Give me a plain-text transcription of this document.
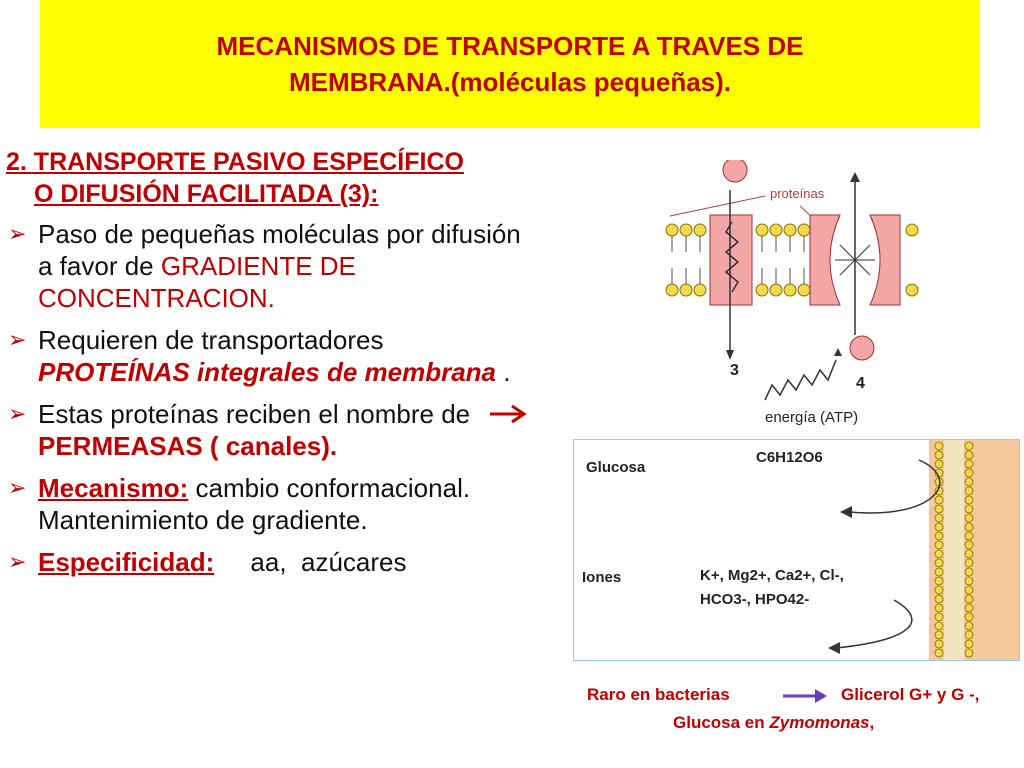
MECANISMOS DE TRANSPORTE A TRAVES DE
MEMBRANA.(moléculas pequeñas).
2. TRANSPORTE PASIVO ESPECÍFICO
O DIFUSIÓN FACILITADA (3):
➢ Paso de pequeñas moléculas por difusión a favor de GRADIENTE DE CONCENTRACION.
➢ Requieren de transportadores PROTEÍNAS integrales de membrana .
➢ Estas proteínas reciben el nombre de PERMEASAS ( canales).
➢ Mecanismo: cambio conformacional. Mantenimiento de gradiente.
➢ Especificidad:     aa,  azúcares
proteínas
3
4
energía (ATP)
Glucosa
C6H12O6
Iones	K+, Mg2+, Ca2+, Cl-,
HCO3-, HPO42-
Raro en bacterias	Glicerol G+ y G -,
Glucosa en Zymomonas,
